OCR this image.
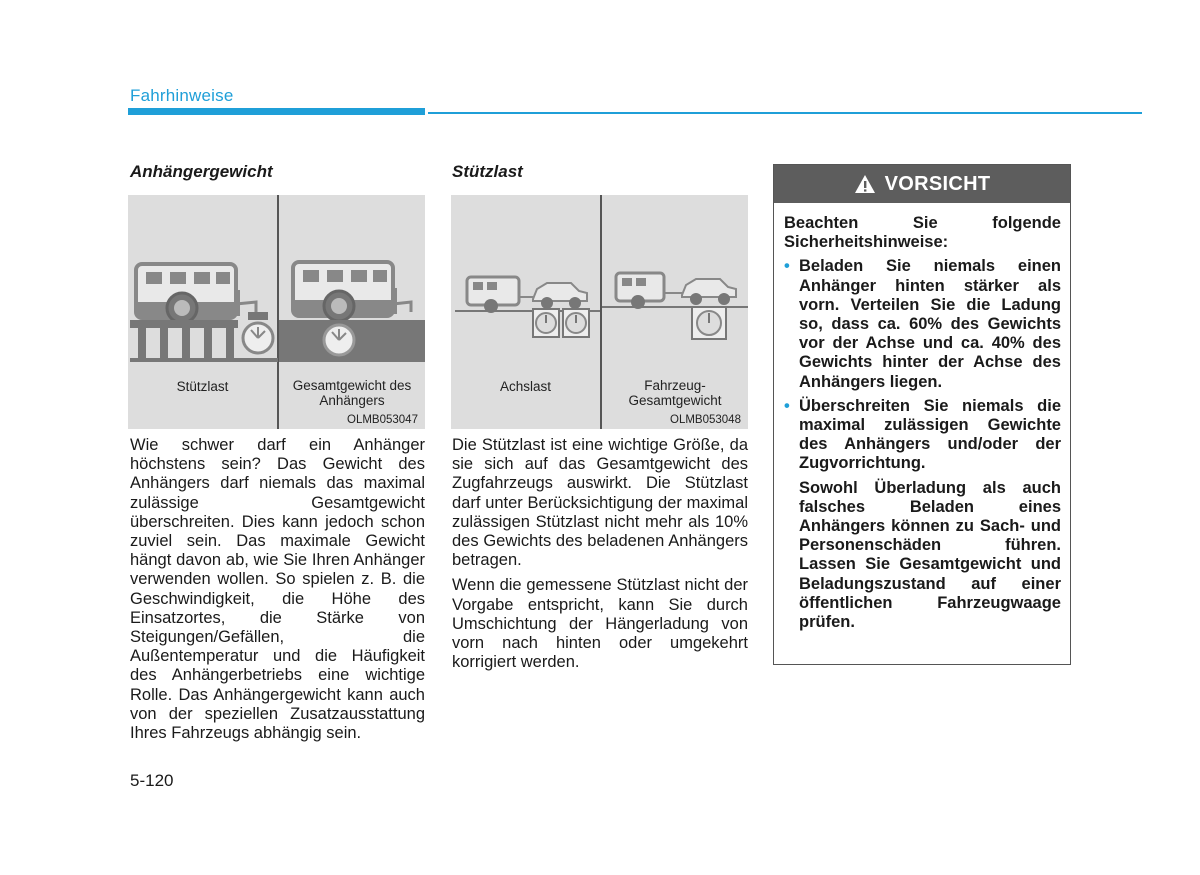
Fahrhinweise
Anhängergewicht
Stützlast	Gesamtgewicht des
Anhängers
OLMB053047
Wie schwer darf ein Anhänger höchstens sein? Das Gewicht des Anhängers darf niemals das maximal zulässige Gesamtgewicht überschreiten. Dies kann jedoch schon zuviel sein. Das maximale Gewicht hängt davon ab, wie Sie Ihren Anhänger verwenden wollen. So spielen z. B. die Geschwindigkeit, die Höhe des Einsatzortes, die Stärke von Steigungen/Gefällen, die Außentemperatur und die Häufigkeit des Anhängerbetriebs eine wichtige Rolle. Das Anhängergewicht kann auch von der speziellen Zusatzausstattung Ihres Fahrzeugs abhängig sein.
Stützlast
Achslast	Fahrzeug-
Gesamtgewicht
OLMB053048

Die Stützlast ist eine wichtige Größe, da sie sich auf das Gesamtgewicht des Zugfahrzeugs auswirkt. Die Stützlast darf unter Berücksichtigung der maximal zulässigen Stützlast nicht mehr als 10% des Gewichts des beladenen Anhängers betragen.

Wenn die gemessene Stützlast nicht der Vorgabe entspricht, kann Sie durch Umschichtung der Hängerladung von vorn nach hinten oder umgekehrt korrigiert werden.

VORSICHT
Beachten Sie folgende Sicherheitshinweise:
• Beladen Sie niemals einen Anhänger hinten stärker als vorn. Verteilen Sie die Ladung so, dass ca. 60% des Gewichts vor der Achse und ca. 40% des Gewichts hinter der Achse des Anhängers liegen.
• Überschreiten Sie niemals die maximal zulässigen Gewichte des Anhängers und/oder der Zugvorrichtung.
Sowohl Überladung als auch falsches Beladen eines Anhängers können zu Sach- und Personenschäden führen. Lassen Sie Gesamtgewicht und Beladungszustand auf einer öffentlichen Fahrzeugwaage prüfen.
5-120
